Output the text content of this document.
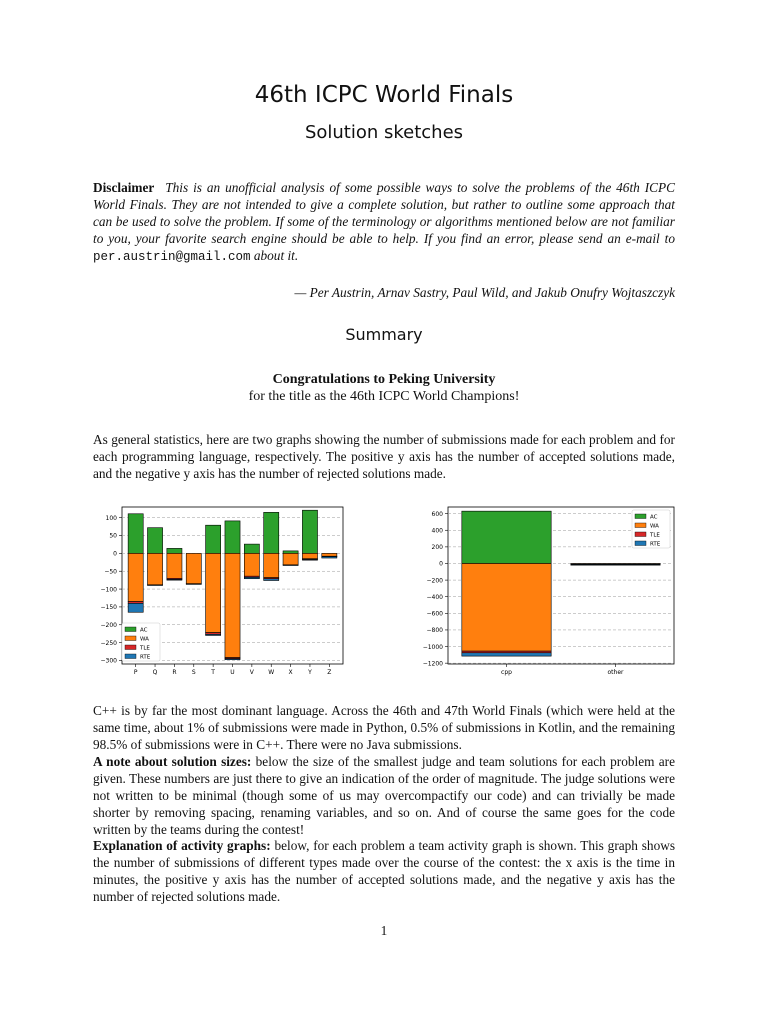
46th ICPC World Finals
Solution sketches
Disclaimer This is an unofficial analysis of some possible ways to solve the problems of the 46th ICPC World Finals. They are not intended to give a complete solution, but rather to outline some approach that can be used to solve the problem. If some of the terminology or algorithms mentioned below are not familiar to you, your favorite search engine should be able to help. If you find an error, please send an e-mail to per.austrin@gmail.com about it.
— Per Austrin, Arnav Sastry, Paul Wild, and Jakub Onufry Wojtaszczyk
Summary
Congratulations to Peking University
for the title as the 46th ICPC World Champions!
As general statistics, here are two graphs showing the number of submissions made for each problem and for each programming language, respectively. The positive y axis has the number of accepted solutions made, and the negative y axis has the number of rejected solutions made.
100
50
0
−50
−100
−150
−200
−250
−300
P	Q R	S	T	U	V W X	Y	Z
AC
WA
TLE
RTE
600
400
200
0
−200
−400
−600
−800
−1000
−1200
cpp	other
AC
WA
TLE
RTE
C++ is by far the most dominant language. Across the 46th and 47th World Finals (which were held at the same time, about 1% of submissions were made in Python, 0.5% of submissions in Kotlin, and the remaining 98.5% of submissions were in C++. There were no Java submissions.
A note about solution sizes: below the size of the smallest judge and team solutions for each problem are given. These numbers are just there to give an indication of the order of magnitude. The judge solutions were not written to be minimal (though some of us may overcompactify our code) and can trivially be made shorter by removing spacing, renaming variables, and so on. And of course the same goes for the code written by the teams during the contest!
Explanation of activity graphs: below, for each problem a team activity graph is shown. This graph shows the number of submissions of different types made over the course of the contest: the x axis is the time in minutes, the positive y axis has the number of accepted solutions made, and the negative y axis has the number of rejected solutions made.
1
